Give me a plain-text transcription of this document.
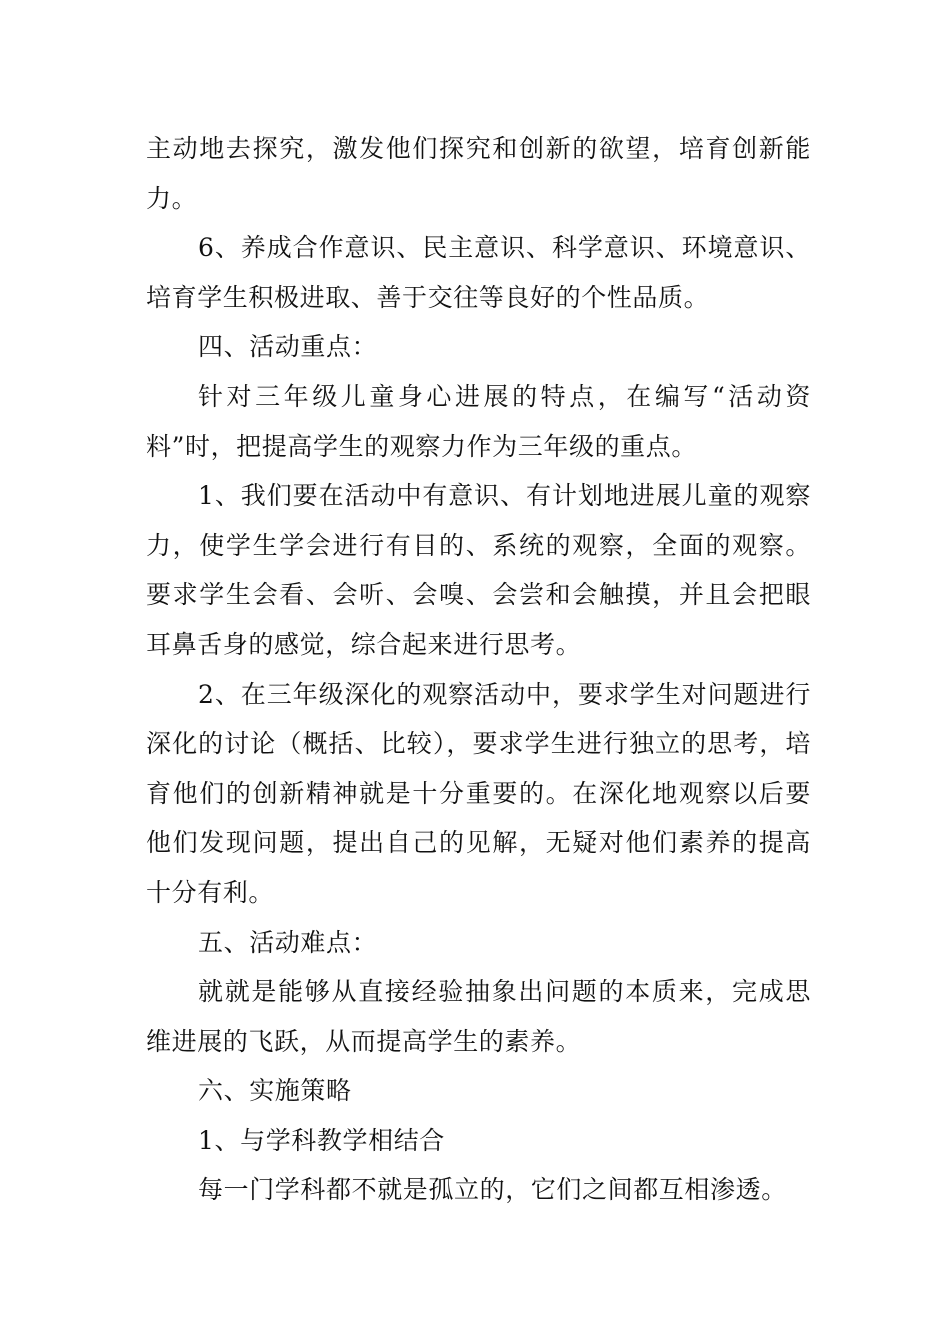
主动地去探究，激发他们探究和创新的欲望，培育创新能力。

6、养成合作意识、民主意识、科学意识、环境意识、培育学生积极进取、善于交往等良好的个性品质。

四、活动重点：

针对三年级儿童身心进展的特点，在编写“活动资料”时，把提高学生的观察力作为三年级的重点。

1、我们要在活动中有意识、有计划地进展儿童的观察力，使学生学会进行有目的、系统的观察，全面的观察。要求学生会看、会听、会嗅、会尝和会触摸，并且会把眼耳鼻舌身的感觉，综合起来进行思考。

2、在三年级深化的观察活动中，要求学生对问题进行深化的讨论（概括、比较），要求学生进行独立的思考，培育他们的创新精神就是十分重要的。在深化地观察以后要他们发现问题，提出自己的见解，无疑对他们素养的提高十分有利。

五、活动难点：

就就是能够从直接经验抽象出问题的本质来，完成思维进展的飞跃，从而提高学生的素养。

六、实施策略

1、与学科教学相结合

每一门学科都不就是孤立的，它们之间都互相渗透。
